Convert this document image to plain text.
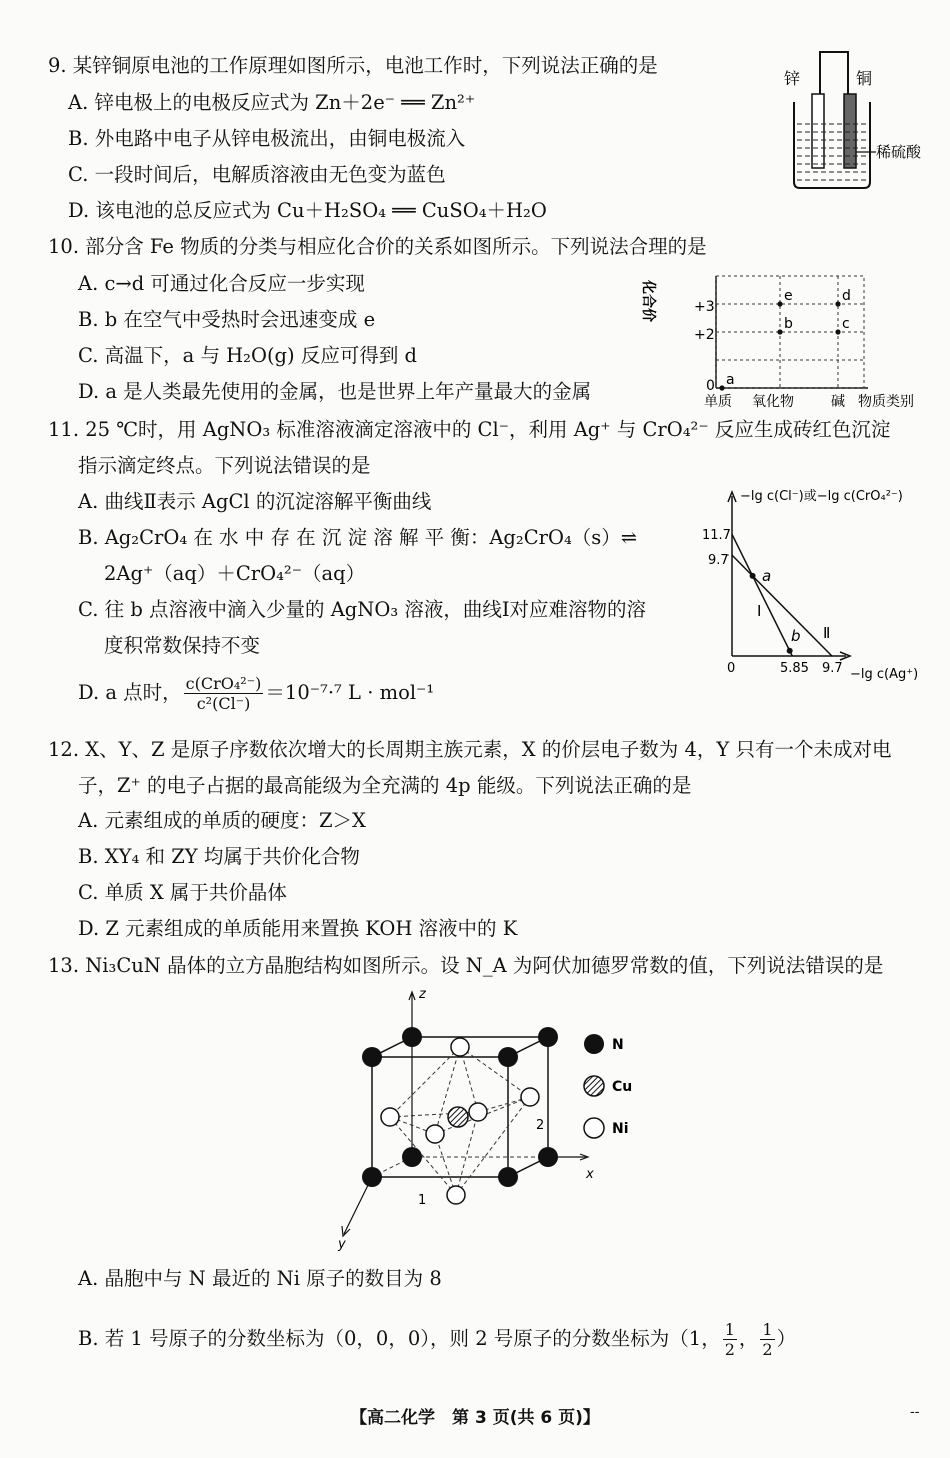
9. 某锌铜原电池的工作原理如图所示，电池工作时，下列说法正确的是
A. 锌电极上的电极反应式为 Zn＋2e⁻ ══ Zn²⁺
B. 外电路中电子从锌电极流出，由铜电极流入
C. 一段时间后，电解质溶液由无色变为蓝色
D. 该电池的总反应式为 Cu＋H₂SO₄ ══ CuSO₄＋H₂O
锌	铜
稀硫酸
10. 部分含 Fe 物质的分类与相应化合价的关系如图所示。下列说法合理的是
A. c→d 可通过化合反应一步实现
B. b 在空气中受热时会迅速变成 e
C. 高温下，a 与 H₂O(g) 反应可得到 d
D. a 是人类最先使用的金属，也是世界上年产量最大的金属
化合价	+3
+2
0
单质 氧化物	碱 物质类别
a
b
e
c
d
11. 25 ℃时，用 AgNO₃ 标准溶液滴定溶液中的 Cl⁻，利用 Ag⁺ 与 CrO₄²⁻ 反应生成砖红色沉淀
指示滴定终点。下列说法错误的是
A. 曲线Ⅱ表示 AgCl 的沉淀溶解平衡曲线
B. Ag₂CrO₄ 在 水 中 存 在 沉 淀 溶 解 平 衡：Ag₂CrO₄（s）⇌
2Ag⁺（aq）＋CrO₄²⁻（aq）
C. 往 b 点溶液中滴入少量的 AgNO₃ 溶液，曲线Ⅰ对应难溶物的溶
度积常数保持不变
D. a 点时， $\frac{\text{c(CrO₄²⁻)}}{\text{c²(Cl⁻)}} =10^{-7}\cdot^7$ L · mol⁻¹
−lg c(Cl⁻)或−lg c(CrO₄²⁻)
11.7
9.7
0	5.85 9.7 −lg c(Ag⁺)
a
b
Ⅰ
Ⅱ
12. X、Y、Z 是原子序数依次增大的长周期主族元素，X 的价层电子数为 4，Y 只有一个未成对电
子，Z⁺ 的电子占据的最高能级为全充满的 4p 能级。下列说法正确的是
A. 元素组成的单质的硬度：Z＞X
B. XY₄ 和 ZY 均属于共价化合物
C. 单质 X 属于共价晶体
D. Z 元素组成的单质能用来置换 KOH 溶液中的 K
13. Ni₃CuN 晶体的立方晶胞结构如图所示。设 N_A 为阿伏加德罗常数的值，下列说法错误的是
z
x
y
1
2
N
Cu
Ni
A. 晶胞中与 N 最近的 Ni 原子的数目为 8
B. 若 1 号原子的分数坐标为（0，0，0），则 2 号原子的分数坐标为（1， $\frac{1}{2}$ ， $\frac{1}{2}$ ）
【高二化学　第 3 页(共 6 页)】	--
